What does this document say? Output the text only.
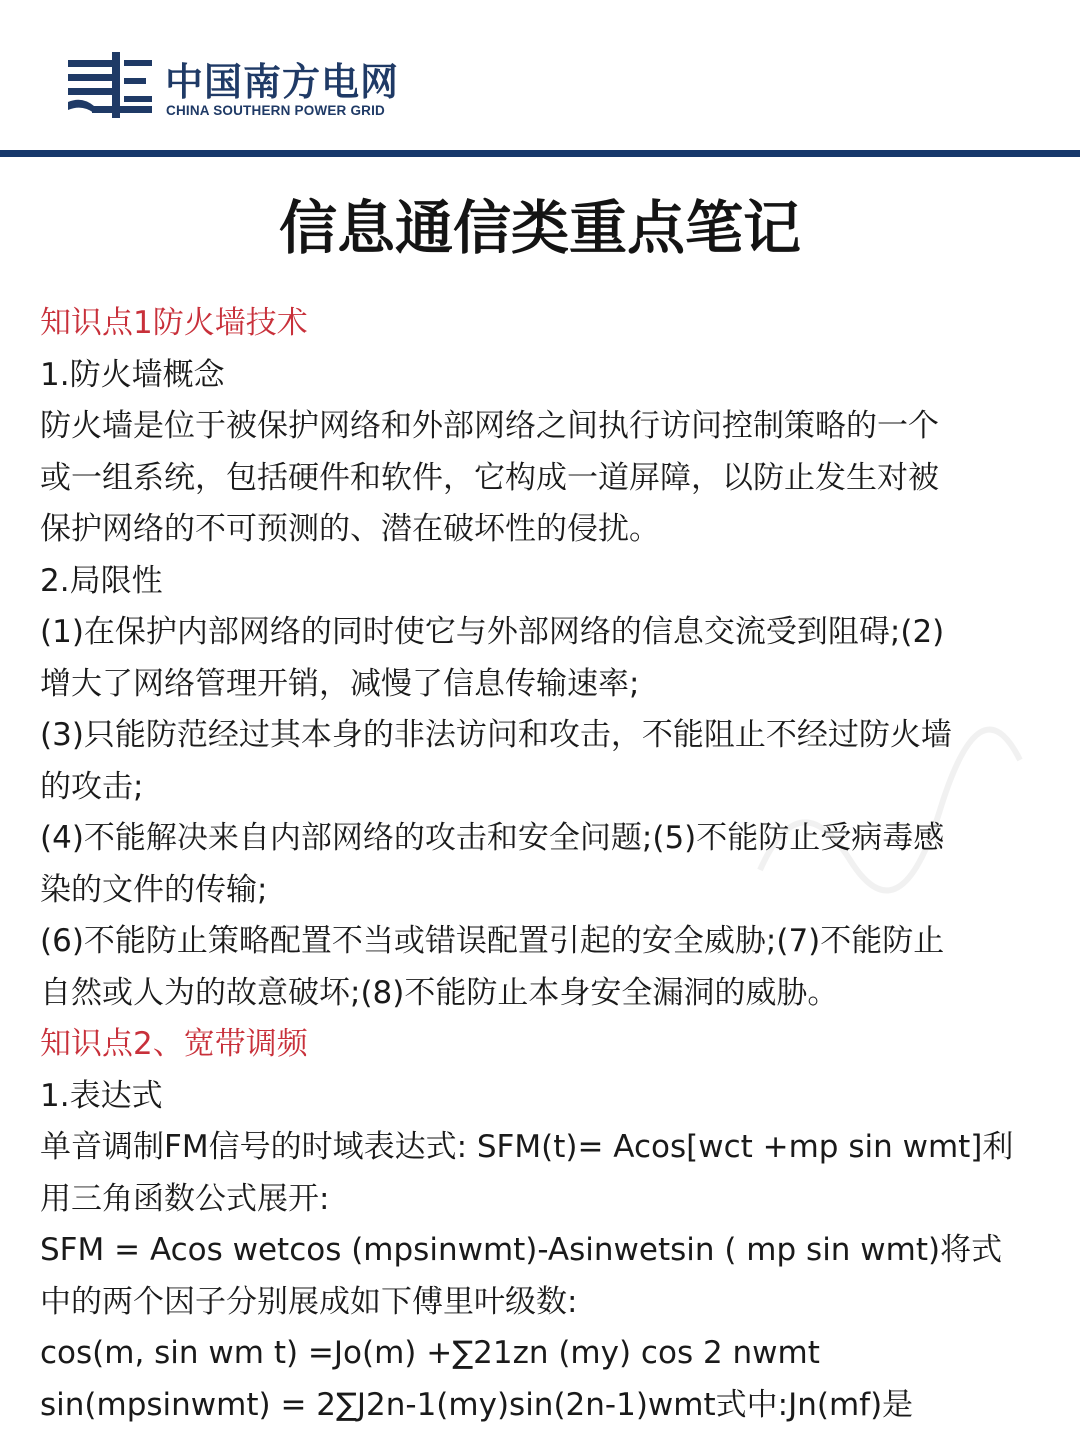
中国南方电网
CHINA SOUTHERN POWER GRID
信息通信类重点笔记
知识点1防火墙技术
1.防火墙概念
防火墙是位于被保护网络和外部网络之间执行访问控制策略的一个
或一组系统，包括硬件和软件，它构成一道屏障，以防止发生对被
保护网络的不可预测的、潜在破坏性的侵扰。
2.局限性
(1)在保护内部网络的同时使它与外部网络的信息交流受到阻碍;(2)
增大了网络管理开销，减慢了信息传输速率;
(3)只能防范经过其本身的非法访问和攻击，不能阻止不经过防火墙
的攻击;
(4)不能解决来自内部网络的攻击和安全问题;(5)不能防止受病毒感
染的文件的传输;
(6)不能防止策略配置不当或错误配置引起的安全威胁;(7)不能防止
自然或人为的故意破坏;(8)不能防止本身安全漏洞的威胁。
知识点2、宽带调频
1.表达式
单音调制FM信号的时域表达式: SFM(t)= Acos[wct +mp sin wmt]利
用三角函数公式展开:
SFM = Acos wetcos (mpsinwmt)-Asinwetsin ( mp sin wmt)将式
中的两个因子分别展成如下傅里叶级数:
cos(m, sin wm t) =Jo(m) +∑21zn (my) cos 2 nwmt
sin(mpsinwmt) = 2∑J2n-1(my)sin(2n-1)wmt式中:Jn(mf)是
